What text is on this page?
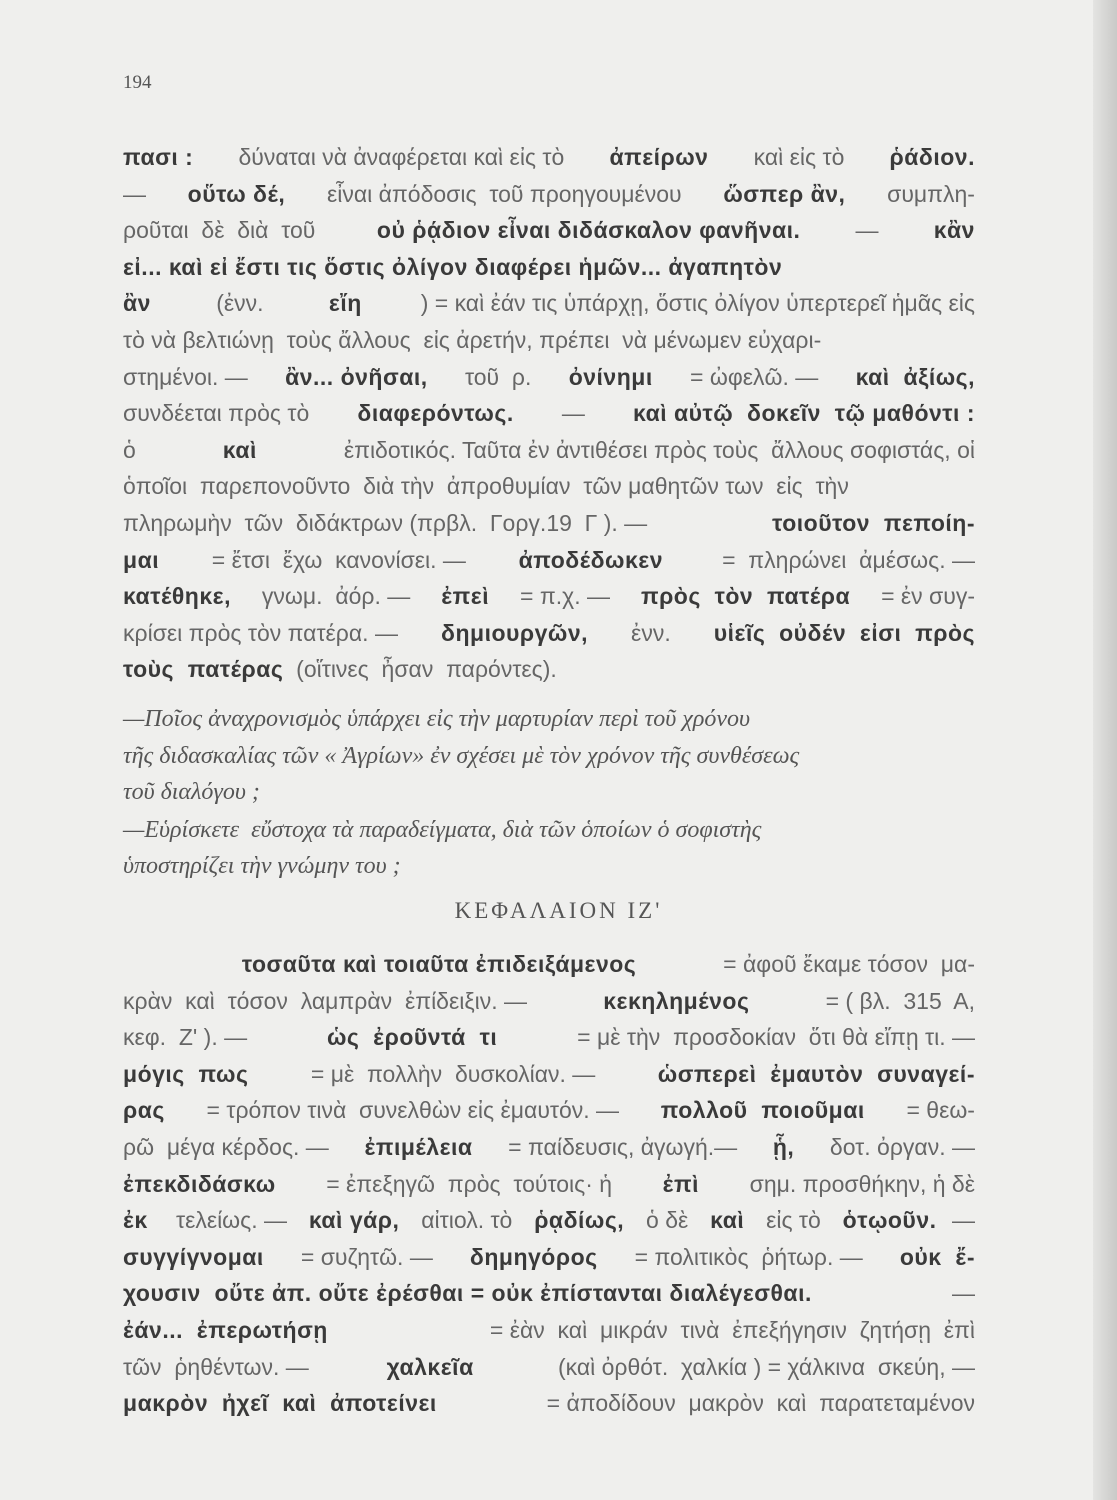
194
πασι : δύναται νὰ ἀναφέρεται καὶ εἰς τὸ ἀπείρων καὶ εἰς τὸ ῥάδιον.
— οὕτω δέ, εἶναι ἀπόδοσις  τοῦ προηγουμένου ὥσπερ ἂν, συμπλη-
ροῦται  δὲ  διὰ  τοῦ οὐ ῥᾴδιον εἶναι διδάσκαλον φανῆναι. — κἂν
εἰ... καὶ εἰ ἔστι τις ὅστις ὀλίγον διαφέρει ἡμῶν... ἀγαπητὸν
ἂν	(ἐνν.	εἴη	) = καὶ ἐάν τις ὑπάρχῃ, ὅστις ὀλίγον ὑπερτερεῖ ἡμᾶς εἰς
τὸ νὰ βελτιώνῃ  τοὺς ἄλλους  εἰς ἀρετήν, πρέπει  νὰ μένωμεν εὐχαρι-
στημένοι. — ἂν... ὀνῆσαι, τοῦ  ρ. ὀνίνημι = ὠφελῶ. — καὶ  ἀξίως,
συνδέεται πρὸς τὸ διαφερόντως. — καὶ αὐτῷ  δοκεῖν  τῷ μαθόντι :
ὁ	καὶ	ἐπιδοτικός. Ταῦτα ἐν ἀντιθέσει πρὸς τοὺς  ἄλλους σοφιστάς, οἱ
ὁποῖοι  παρεπονοῦντο  διὰ τὴν  ἀπροθυμίαν  τῶν μαθητῶν των  εἰς  τὴν
πληρωμὴν  τῶν  διδάκτρων (πρβλ.  Γοργ.19  Γ ). —	τοιοῦτον  πεποίη-
μαι = ἔτσι  ἔχω  κανονίσει. — ἀποδέδωκεν =  πληρώνει  ἀμέσως. —
κατέθηκε, γνωμ.  ἀόρ. — ἐπεὶ = π.χ. — πρὸς  τὸν  πατέρα = ἐν συγ-
κρίσει πρὸς τὸν πατέρα. — δημιουργῶν, ἐνν. υἱεῖς  οὐδέν  εἰσι  πρὸς
τοὺς  πατέρας (οἵτινες  ἦσαν  παρόντες).
—Ποῖος ἀναχρονισμὸς ὑπάρχει εἰς τὴν μαρτυρίαν περὶ τοῦ χρόνου
τῆς διδασκαλίας τῶν « Ἀγρίων» ἐν σχέσει μὲ τὸν χρόνον τῆς συνθέσεως
τοῦ διαλόγου ;
—Εὑρίσκετε  εὔστοχα τὰ παραδείγματα, διὰ τῶν ὁποίων ὁ σοφιστὴς
ὑποστηρίζει τὴν γνώμην του ;
ΚΕΦΑΛΑΙΟΝ ΙΖ'

τοσαῦτα καὶ τοιαῦτα ἐπιδειξάμενος	= ἀφοῦ ἔκαμε τόσον  μα-
κρὰν  καὶ  τόσον  λαμπρὰν  ἐπίδειξιν. —	κεκηλημένος	= ( βλ.  315  Α,
κεφ.  Ζ' ). —	ὡς  ἐροῦντά  τι	= μὲ τὴν  προσδοκίαν  ὅτι θὰ εἴπῃ τι. —
μόγις  πως = μὲ  πολλὴν  δυσκολίαν. — ὡσπερεὶ  ἐμαυτὸν  συναγεί-
ρας = τρόπον τινὰ  συνελθὼν εἰς ἐμαυτόν. — πολλοῦ  ποιοῦμαι = θεω-
ρῶ  μέγα κέρδος. — ἐπιμέλεια = παίδευσις, ἀγωγή.— ᾗ, δοτ. ὀργαν. —
ἐπεκδιδάσκω = ἐπεξηγῶ  πρὸς  τούτοις· ἡ ἐπὶ σημ. προσθήκην, ἡ δὲ
ἐκ τελείως. — καὶ γάρ, αἰτιολ. τὸ ῥᾳδίως, ὁ δὲ καὶ εἰς τὸ ὁτῳοῦν. —
συγγίγνομαι = συζητῶ. — δημηγόρος = πολιτικὸς  ῥήτωρ. — οὐκ  ἔ-
χουσιν  οὔτε ἀπ. οὔτε ἐρέσθαι = οὐκ ἐπίστανται διαλέγεσθαι.	—
ἐάν...  ἐπερωτήσῃ	= ἐὰν  καὶ  μικράν  τινὰ  ἐπεξήγησιν  ζητήσῃ  ἐπὶ
τῶν  ῥηθέντων. —	χαλκεῖα	(καὶ ὀρθότ.  χαλκία ) = χάλκινα  σκεύη, —
μακρὸν  ἠχεῖ  καὶ  ἀποτείνει	= ἀποδίδουν  μακρὸν  καὶ  παρατεταμένον
